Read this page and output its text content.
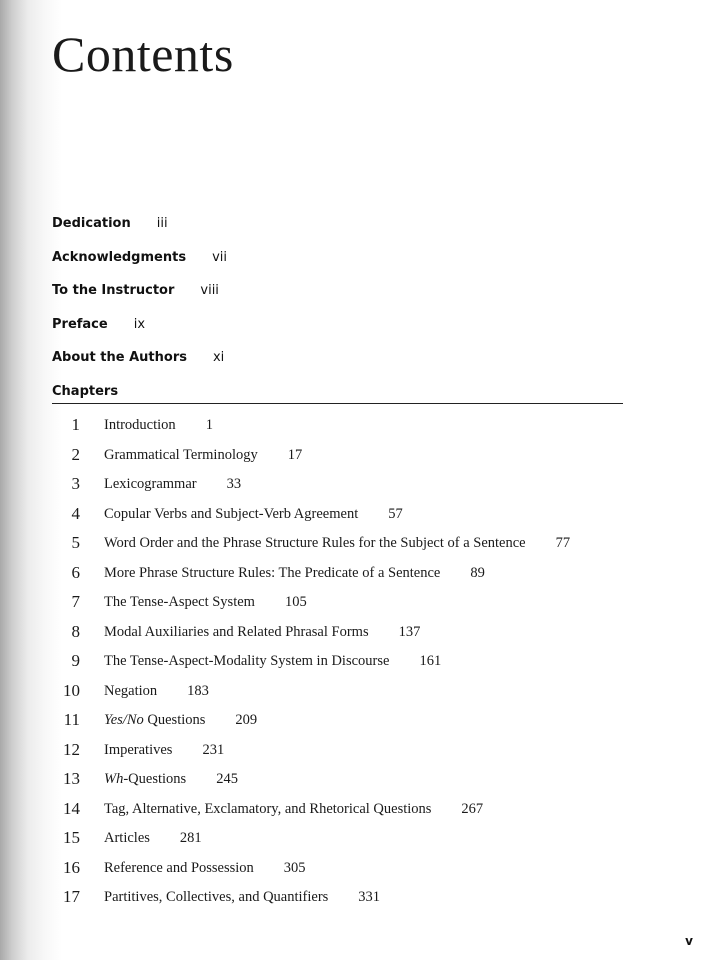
Contents
Dedication iii
Acknowledgments vii
To the Instructor viii
Preface ix
About the Authors xi
Chapters
1 Introduction 1
2 Grammatical Terminology 17
3 Lexicogrammar 33
4 Copular Verbs and Subject-Verb Agreement 57
5 Word Order and the Phrase Structure Rules for the Subject of a Sentence 77
6 More Phrase Structure Rules: The Predicate of a Sentence 89
7 The Tense-Aspect System 105
8 Modal Auxiliaries and Related Phrasal Forms 137
9 The Tense-Aspect-Modality System in Discourse 161
10 Negation 183
11 Yes/No Questions 209
12 Imperatives 231
13 Wh-Questions 245
14 Tag, Alternative, Exclamatory, and Rhetorical Questions 267
15 Articles 281
16 Reference and Possession 305
17 Partitives, Collectives, and Quantifiers 331
v
